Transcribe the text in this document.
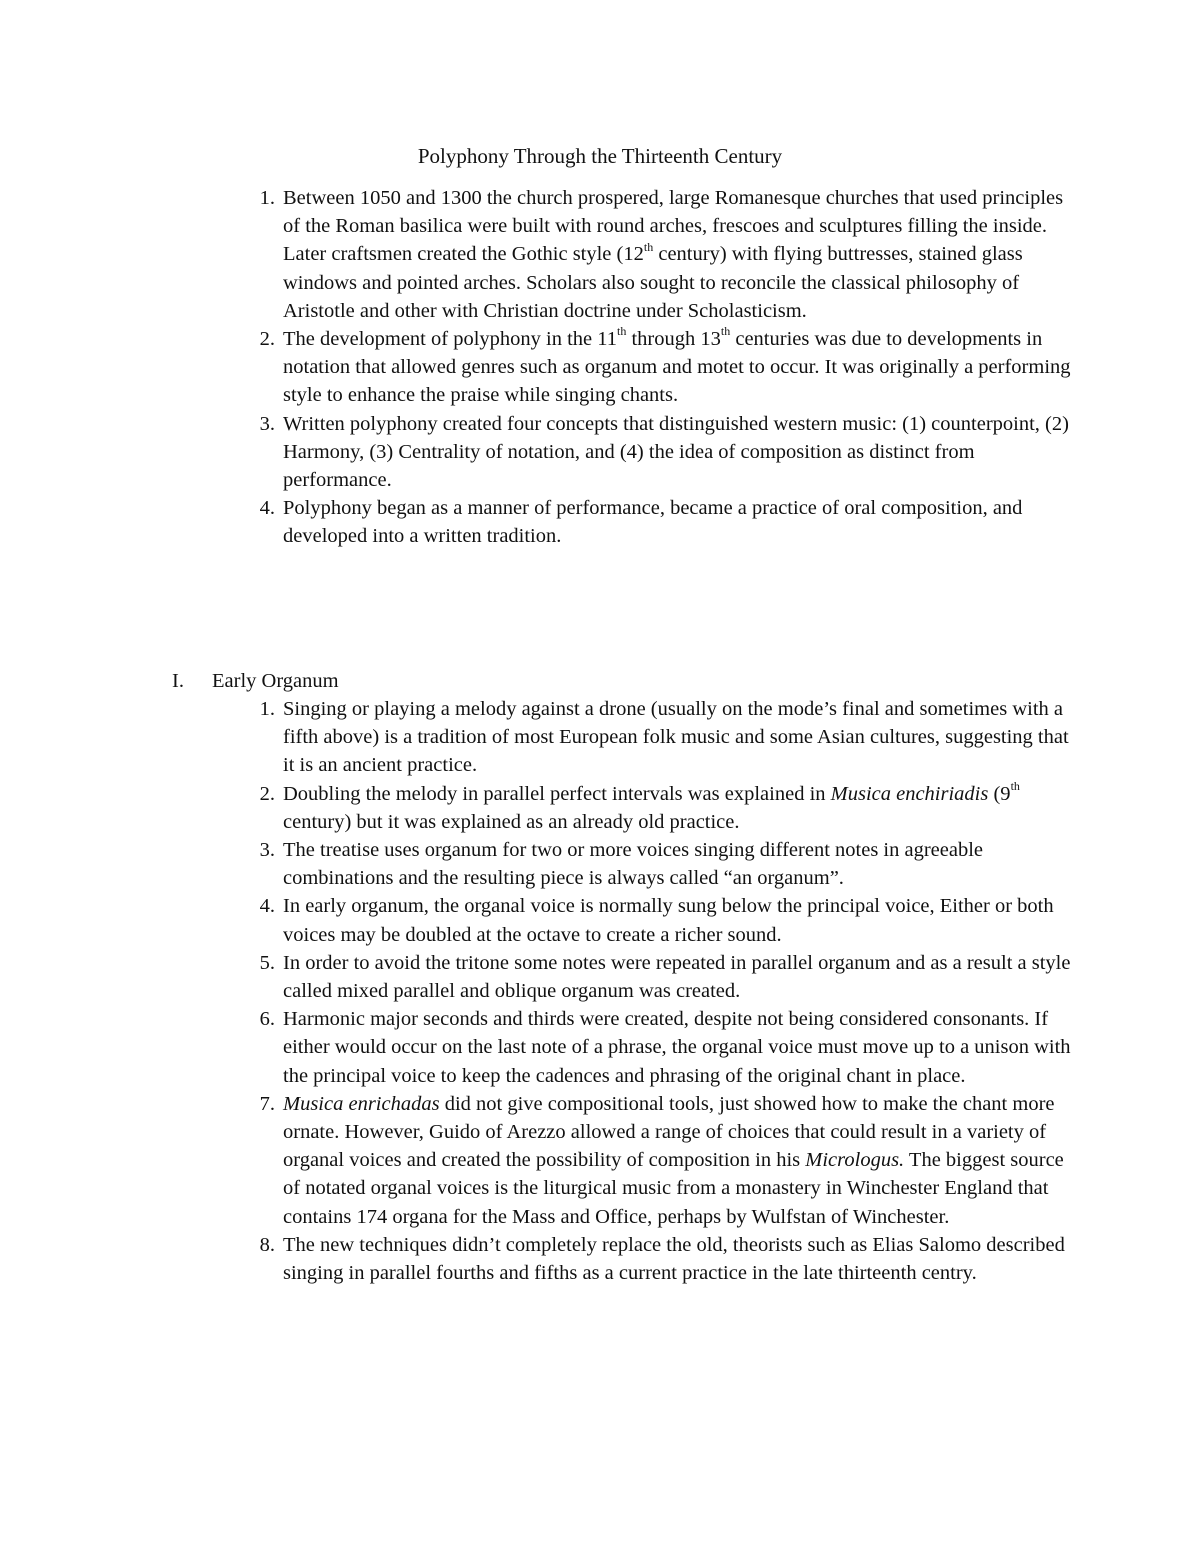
Polyphony Through the Thirteenth Century
1. Between 1050 and 1300 the church prospered, large Romanesque churches that used principles of the Roman basilica were built with round arches, frescoes and sculptures filling the inside. Later craftsmen created the Gothic style (12th century) with flying buttresses, stained glass windows and pointed arches. Scholars also sought to reconcile the classical philosophy of Aristotle and other with Christian doctrine under Scholasticism.
2. The development of polyphony in the 11th through 13th centuries was due to developments in notation that allowed genres such as organum and motet to occur. It was originally a performing style to enhance the praise while singing chants.
3. Written polyphony created four concepts that distinguished western music: (1) counterpoint, (2) Harmony, (3) Centrality of notation, and (4) the idea of composition as distinct from performance.
4. Polyphony began as a manner of performance, became a practice of oral composition, and developed into a written tradition.
I. Early Organum
1. Singing or playing a melody against a drone (usually on the mode’s final and sometimes with a fifth above) is a tradition of most European folk music and some Asian cultures, suggesting that it is an ancient practice.
2. Doubling the melody in parallel perfect intervals was explained in Musica enchiriadis (9th century) but it was explained as an already old practice.
3. The treatise uses organum for two or more voices singing different notes in agreeable combinations and the resulting piece is always called “an organum”.
4. In early organum, the organal voice is normally sung below the principal voice, Either or both voices may be doubled at the octave to create a richer sound.
5. In order to avoid the tritone some notes were repeated in parallel organum and as a result a style called mixed parallel and oblique organum was created.
6. Harmonic major seconds and thirds were created, despite not being considered consonants. If either would occur on the last note of a phrase, the organal voice must move up to a unison with the principal voice to keep the cadences and phrasing of the original chant in place.
7. Musica enrichadas did not give compositional tools, just showed how to make the chant more ornate. However, Guido of Arezzo allowed a range of choices that could result in a variety of organal voices and created the possibility of composition in his Micrologus. The biggest source of notated organal voices is the liturgical music from a monastery in Winchester England that contains 174 organa for the Mass and Office, perhaps by Wulfstan of Winchester.
8. The new techniques didn’t completely replace the old, theorists such as Elias Salomo described singing in parallel fourths and fifths as a current practice in the late thirteenth centry.
